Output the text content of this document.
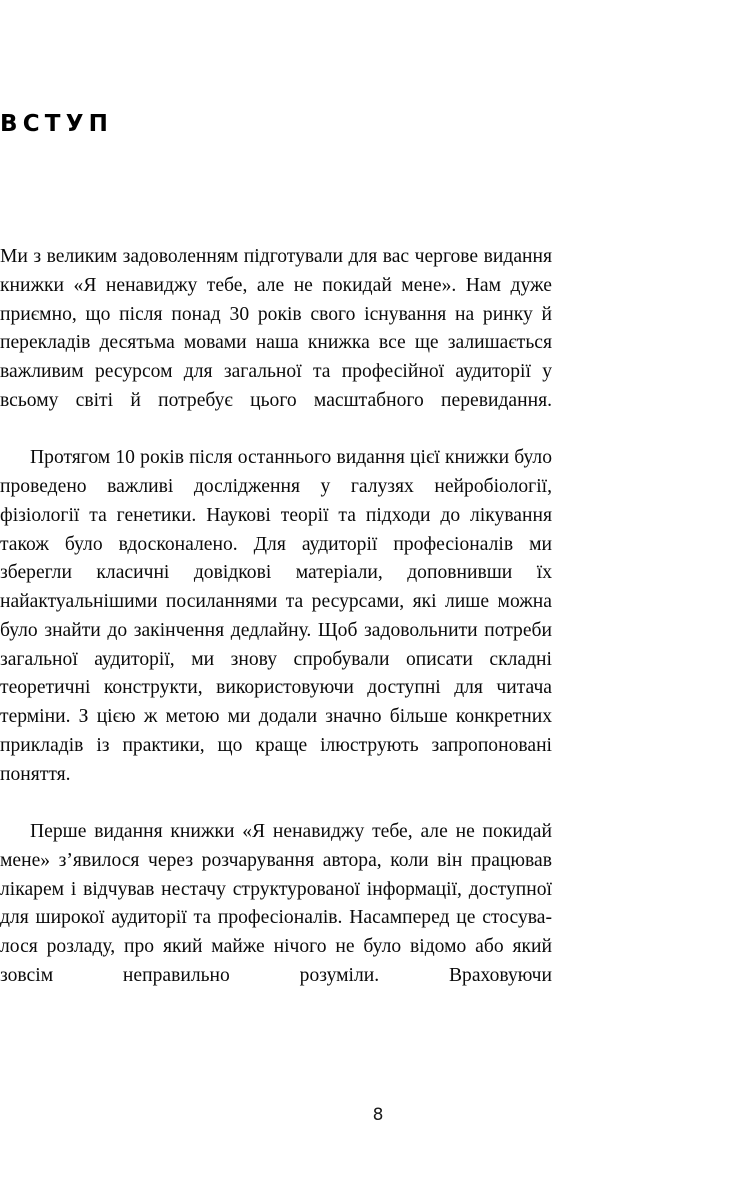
ВСТУП

Ми з великим задоволенням підготували для вас чергове видання книжки «Я ненавиджу тебе, але не покидай мене». Нам дуже приємно, що після понад 30 років свого існування на ринку й перекладів десятьма мовами наша книжка все ще залишається важливим ресурсом для загальної та професійної аудиторії у всьому світі й потребує цього масштабного перевидання.

Протягом 10 років після останнього видання цієї книжки було проведено важливі дослідження у галузях нейробіології, фізіології та генетики. Наукові теорії та підходи до лікування також було вдосконалено. Для аудиторії професіоналів ми зберегли класичні довідкові матеріали, доповнивши їх найактуальнішими посиланнями та ресурсами, які лише можна було знайти до закінчення дедлайну. Щоб задовольнити потреби загальної аудиторії, ми знову спробували описати складні теоретичні конструкти, використовуючи доступні для читача терміни. З цією ж метою ми додали значно більше конкретних прикладів із практики, що краще ілюструють запропоновані поняття.

Перше видання книжки «Я ненавиджу тебе, але не покидай мене» з’явилося через розчарування автора, коли він працював лікарем і відчував нестачу структурованої інформації, доступної для широкої аудиторії та професіоналів. Насамперед це стосувалося розладу, про який майже нічого не було відомо або який зовсім неправильно розуміли. Враховуючи

8
